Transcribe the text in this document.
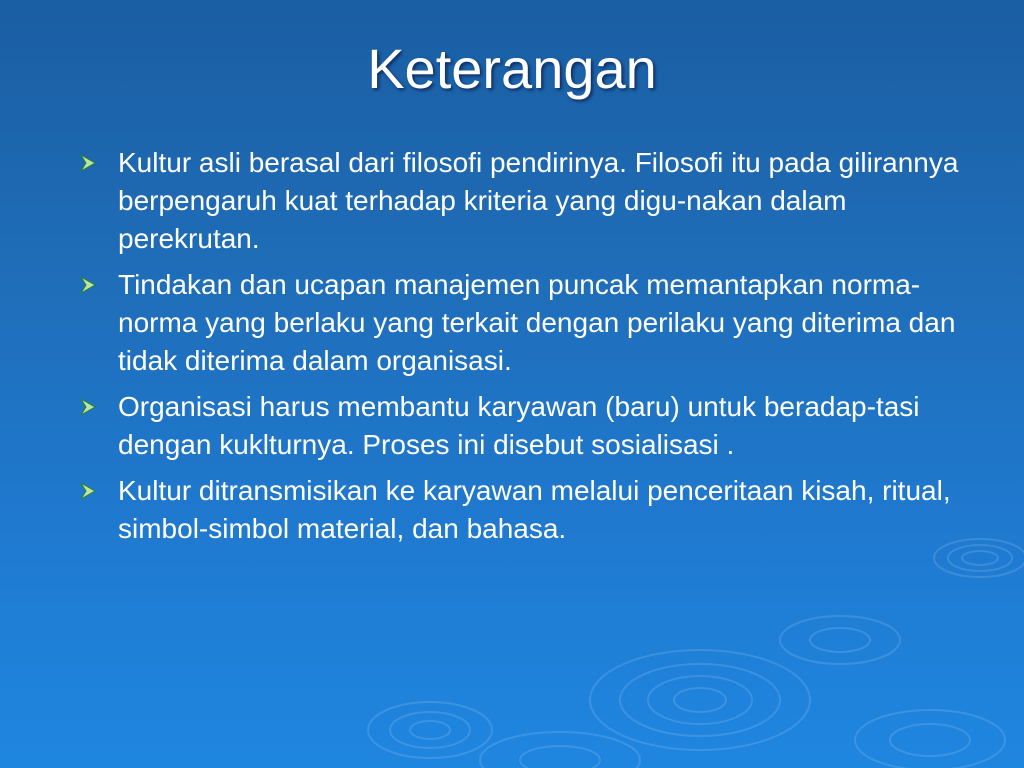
Keterangan
Kultur asli berasal dari filosofi pendirinya. Filosofi itu pada gilirannya berpengaruh kuat terhadap kriteria yang digu-nakan dalam perekrutan.
Tindakan dan ucapan manajemen puncak memantapkan norma-norma yang berlaku yang terkait dengan perilaku yang diterima dan tidak diterima dalam organisasi.
Organisasi harus membantu karyawan (baru) untuk beradap-tasi dengan kuklturnya. Proses ini disebut sosialisasi .
Kultur ditransmisikan ke karyawan melalui penceritaan kisah, ritual, simbol-simbol material, dan bahasa.
